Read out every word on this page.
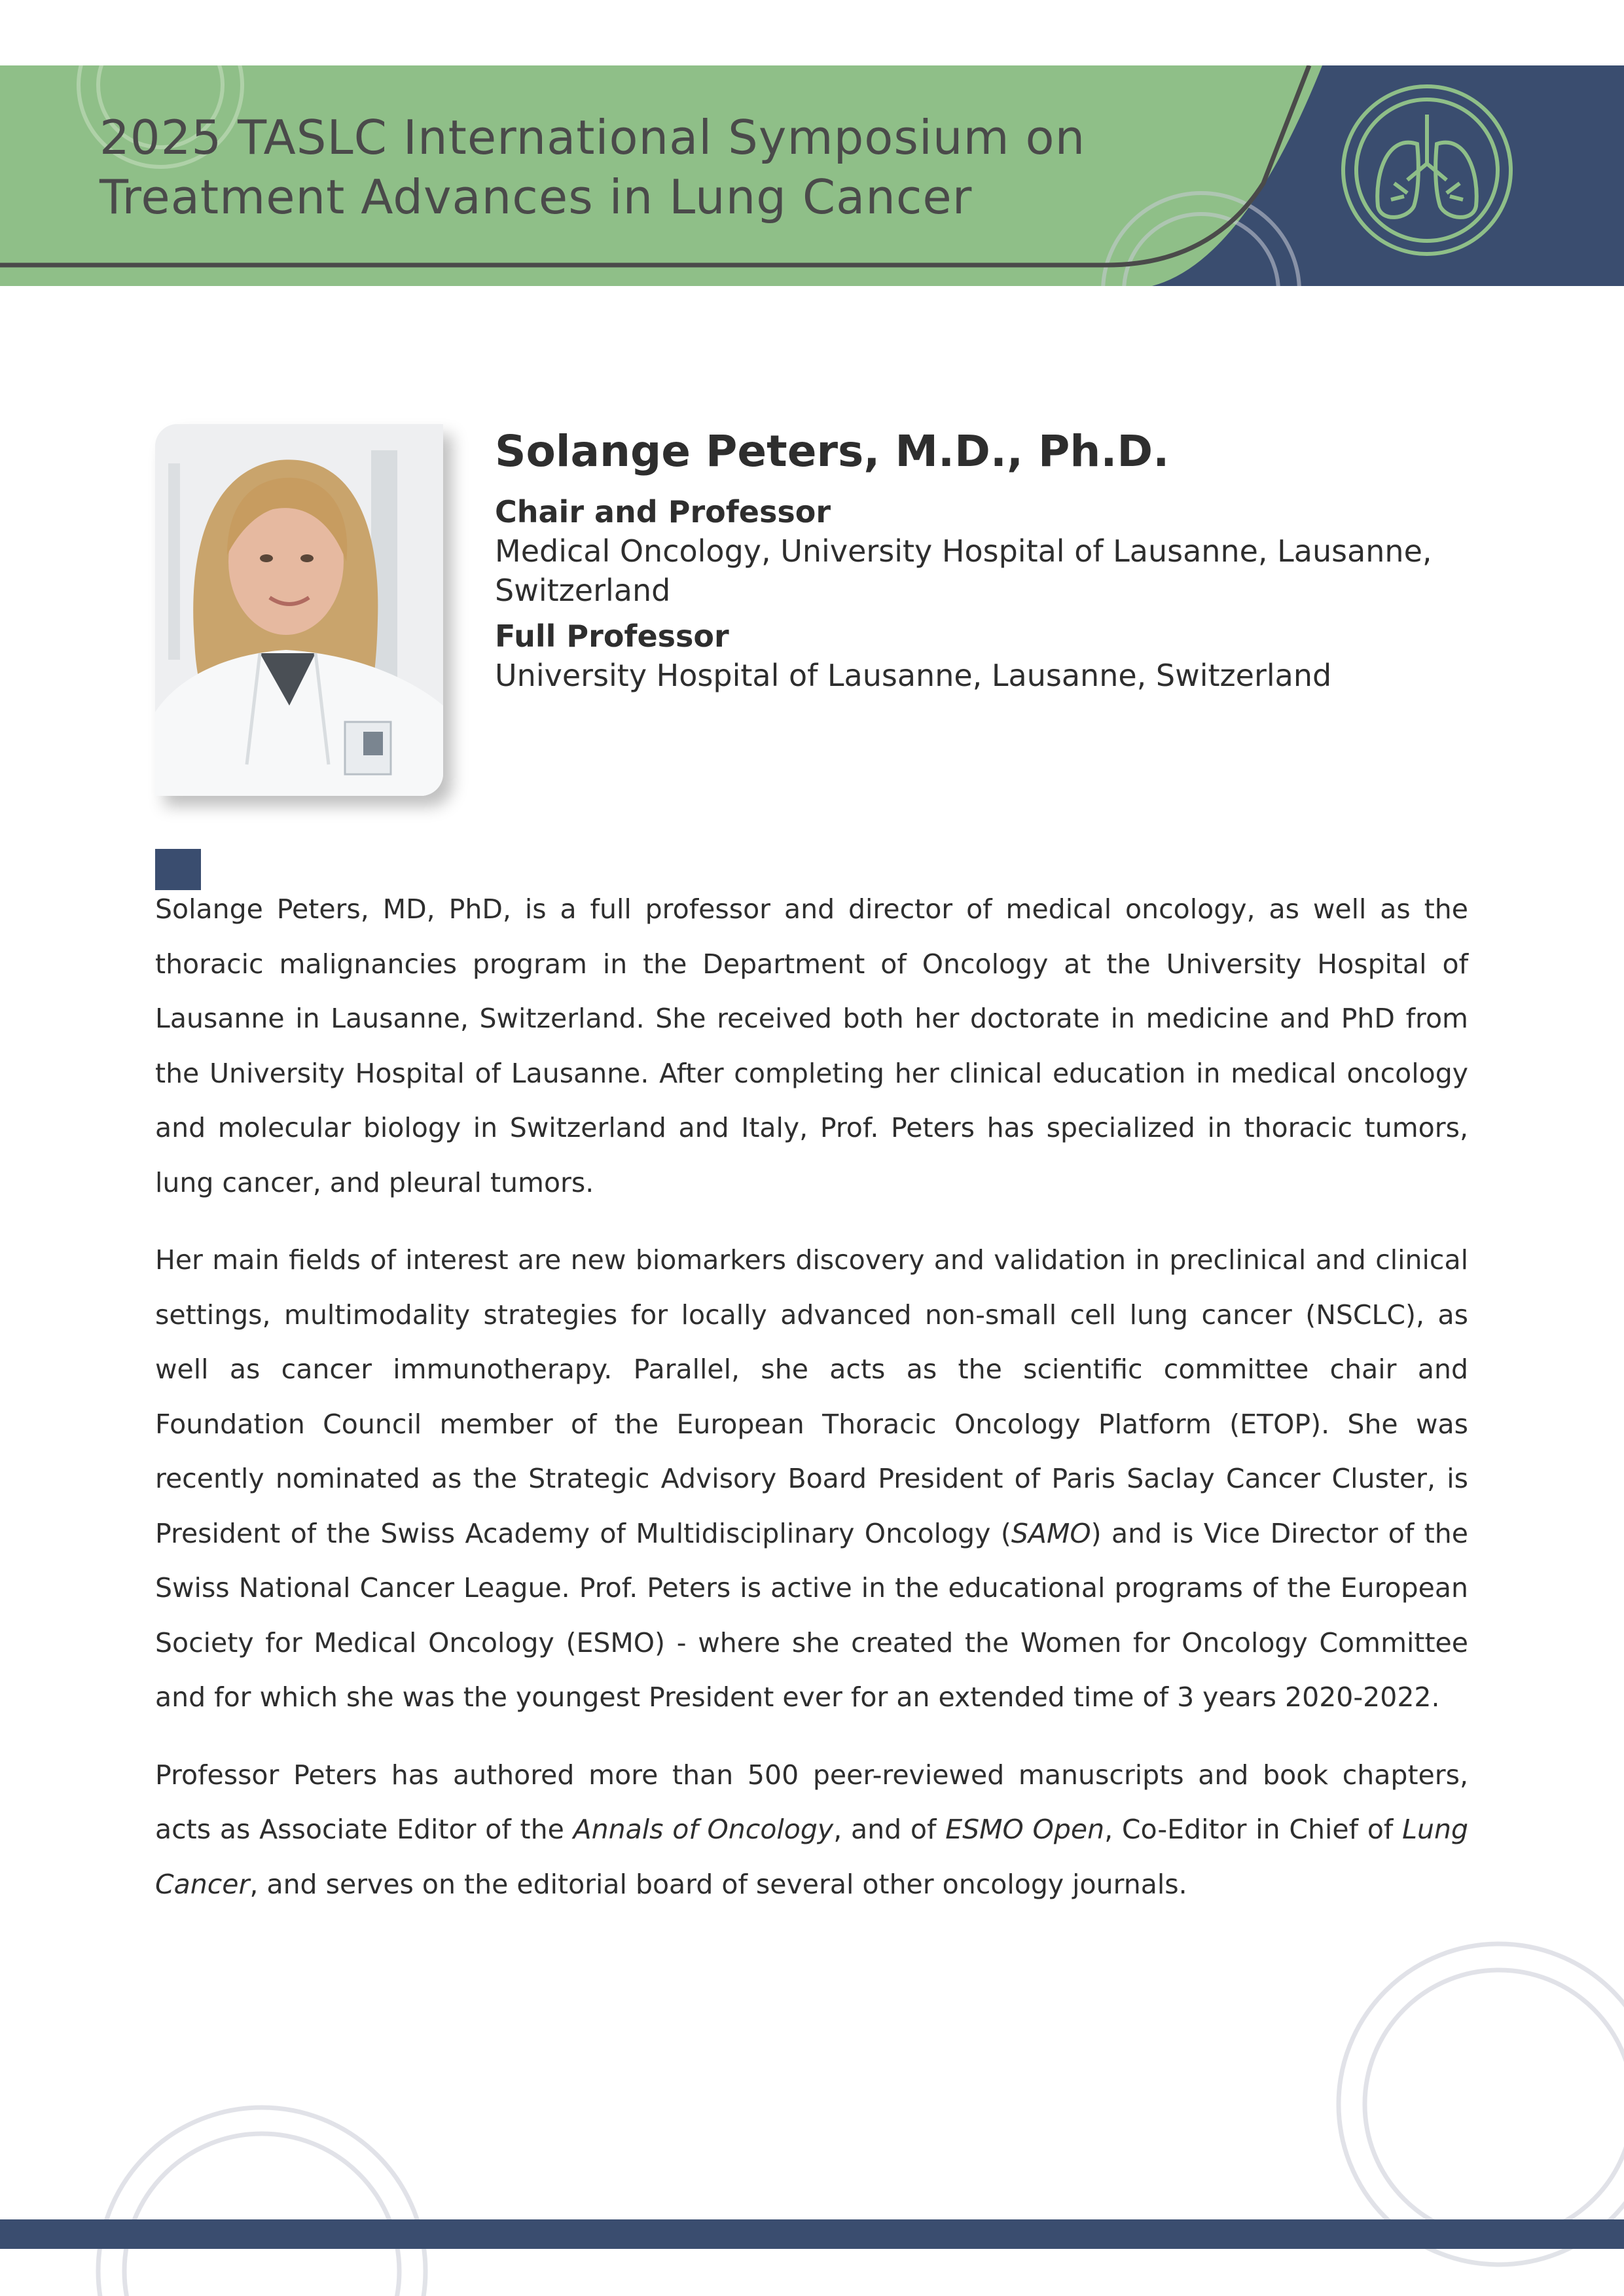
2025 TASLC International Symposium on
Treatment Advances in Lung Cancer
Solange Peters, M.D., Ph.D.

Chair and Professor

Medical Oncology, University Hospital of Lausanne, Lausanne, Switzerland

Full Professor

University Hospital of Lausanne, Lausanne, Switzerland

Solange Peters, MD, PhD, is a full professor and director of medical oncology, as well as the thoracic malignancies program in the Department of Oncology at the University Hospital of Lausanne in Lausanne, Switzerland. She received both her doctorate in medicine and PhD from the University Hospital of Lausanne. After completing her clinical education in medical oncology and molecular biology in Switzerland and Italy, Prof. Peters has specialized in thoracic tumors, lung cancer, and pleural tumors.

Her main fields of interest are new biomarkers discovery and validation in preclinical and clinical settings, multimodality strategies for locally advanced non-small cell lung cancer (NSCLC), as well as cancer immunotherapy. Parallel, she acts as the scientific committee chair and Foundation Council member of the European Thoracic Oncology Platform (ETOP). She was recently nominated as the Strategic Advisory Board President of Paris Saclay Cancer Cluster, is President of the Swiss Academy of Multidisciplinary Oncology (SAMO) and is Vice Director of the Swiss National Cancer League. Prof. Peters is active in the educational programs of the European Society for Medical Oncology (ESMO) - where she created the Women for Oncology Committee and for which she was the youngest President ever for an extended time of 3 years 2020-2022.

Professor Peters has authored more than 500 peer-reviewed manuscripts and book chapters, acts as Associate Editor of the Annals of Oncology, and of ESMO Open, Co-Editor in Chief of Lung Cancer, and serves on the editorial board of several other oncology journals.
